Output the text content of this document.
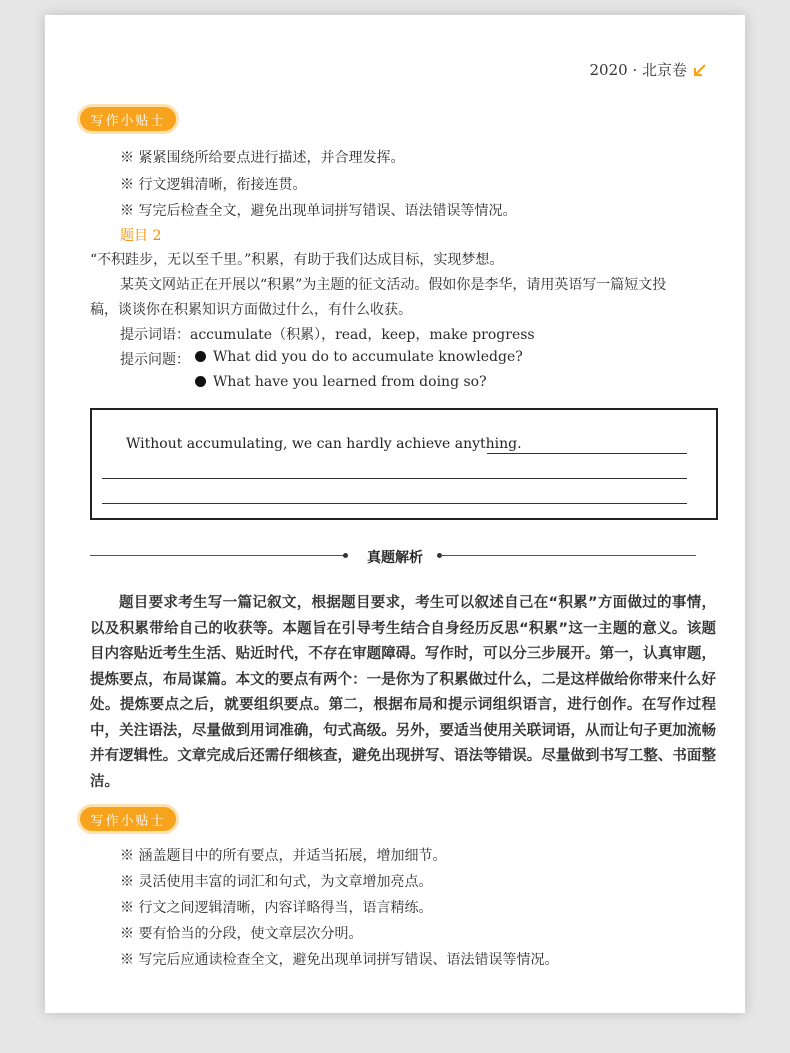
2020 · 北京卷
写作小贴士
※ 紧紧围绕所给要点进行描述，并合理发挥。
※ 行文逻辑清晰，衔接连贯。
※ 写完后检查全文，避免出现单词拼写错误、语法错误等情况。
题目 2
“不积跬步，无以至千里。”积累，有助于我们达成目标，实现梦想。
某英文网站正在开展以“积累”为主题的征文活动。假如你是李华，请用英语写一篇短文投
稿，谈谈你在积累知识方面做过什么，有什么收获。
提示词语：accumulate（积累），read，keep，make progress
提示问题：	What did you do to accumulate knowledge?
What have you learned from doing so?
Without accumulating, we can hardly achieve anything.
真题解析
题目要求考生写一篇记叙文，根据题目要求，考生可以叙述自己在“积累”方面做过的事情，以及积累带给自己的收获等。本题旨在引导考生结合自身经历反思“积累”这一主题的意义。该题目内容贴近考生生活、贴近时代，不存在审题障碍。写作时，可以分三步展开。第一，认真审题，提炼要点，布局谋篇。本文的要点有两个：一是你为了积累做过什么，二是这样做给你带来什么好处。提炼要点之后，就要组织要点。第二，根据布局和提示词组织语言，进行创作。在写作过程中，关注语法，尽量做到用词准确，句式高级。另外，要适当使用关联词语，从而让句子更加流畅并有逻辑性。文章完成后还需仔细核查，避免出现拼写、语法等错误。尽量做到书写工整、书面整洁。
写作小贴士
※ 涵盖题目中的所有要点，并适当拓展，增加细节。
※ 灵活使用丰富的词汇和句式，为文章增加亮点。
※ 行文之间逻辑清晰，内容详略得当，语言精练。
※ 要有恰当的分段，使文章层次分明。
※ 写完后应通读检查全文，避免出现单词拼写错误、语法错误等情况。
